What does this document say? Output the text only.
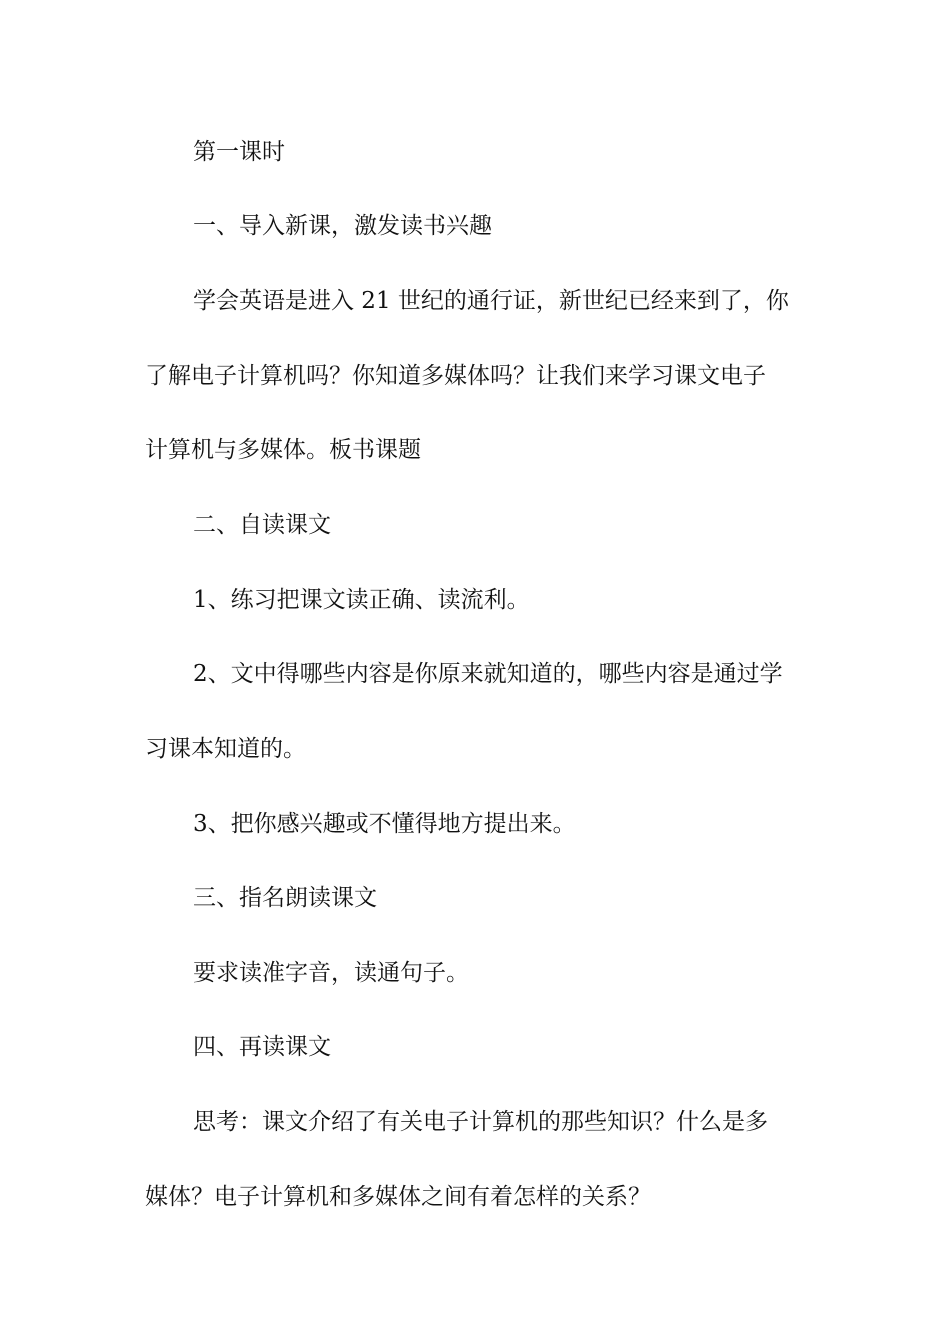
第一课时
一、导入新课，激发读书兴趣
学会英语是进入 21 世纪的通行证，新世纪已经来到了，你
了解电子计算机吗？你知道多媒体吗？让我们来学习课文电子
计算机与多媒体。板书课题
二、自读课文
1、练习把课文读正确、读流利。
2、文中得哪些内容是你原来就知道的，哪些内容是通过学
习课本知道的。
3、把你感兴趣或不懂得地方提出来。
三、指名朗读课文
要求读准字音，读通句子。
四、再读课文
思考：课文介绍了有关电子计算机的那些知识？什么是多
媒体？电子计算机和多媒体之间有着怎样的关系？
